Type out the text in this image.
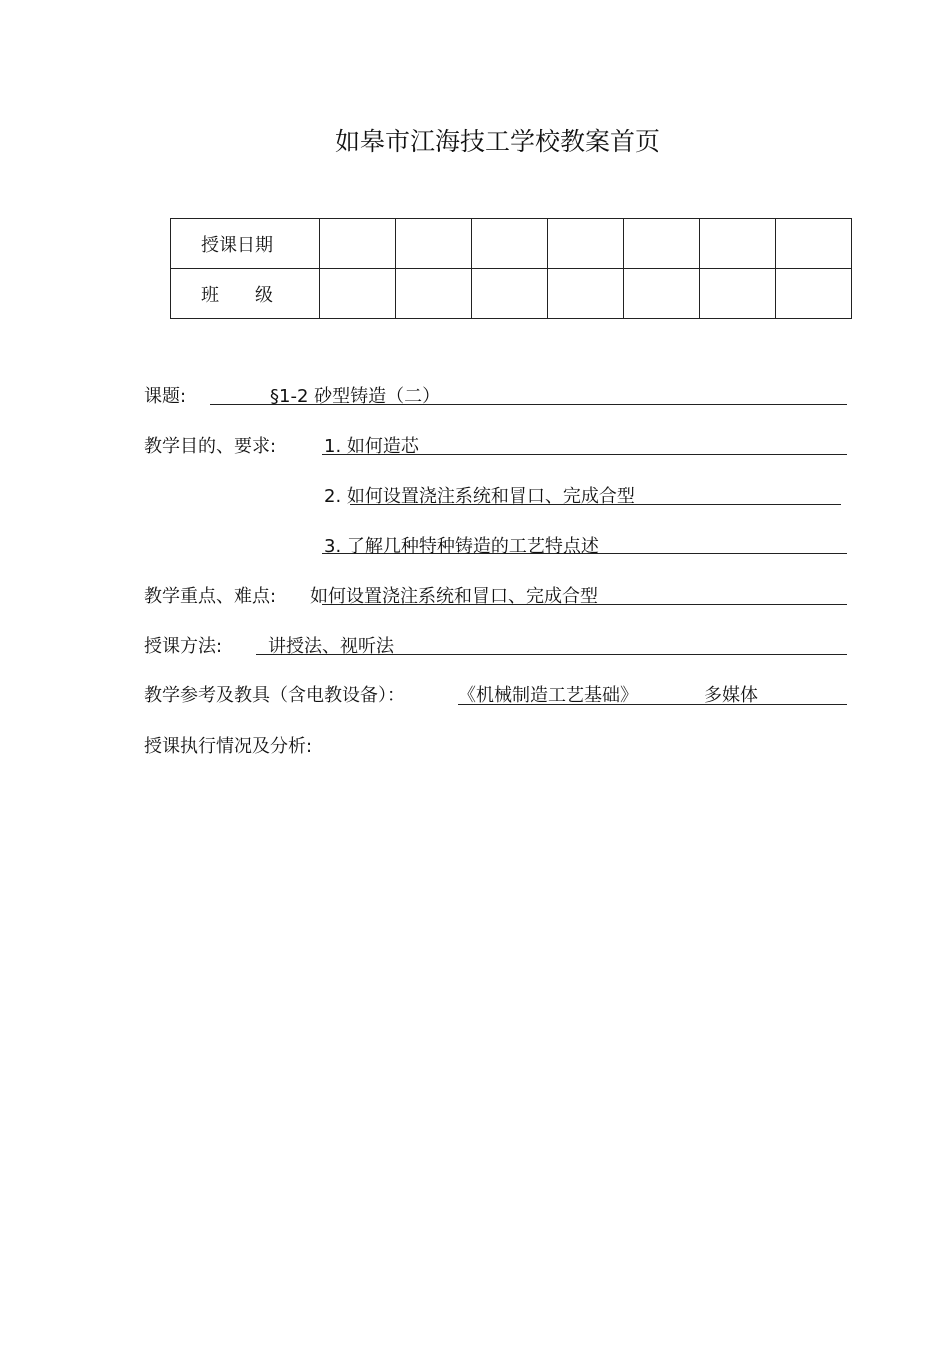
如皋市江海技工学校教案首页
授课日期							
班　　级							
课题:	§1-2 砂型铸造（二）
教学目的、要求:	1. 如何造芯
2. 如何设置浇注系统和冒口、完成合型
3. 了解几种特种铸造的工艺特点述
教学重点、难点: 如何设置浇注系统和冒口、完成合型
授课方法:	讲授法、视听法
教学参考及教具（含电教设备）：	《机械制造工艺基础》	多媒体
授课执行情况及分析:
